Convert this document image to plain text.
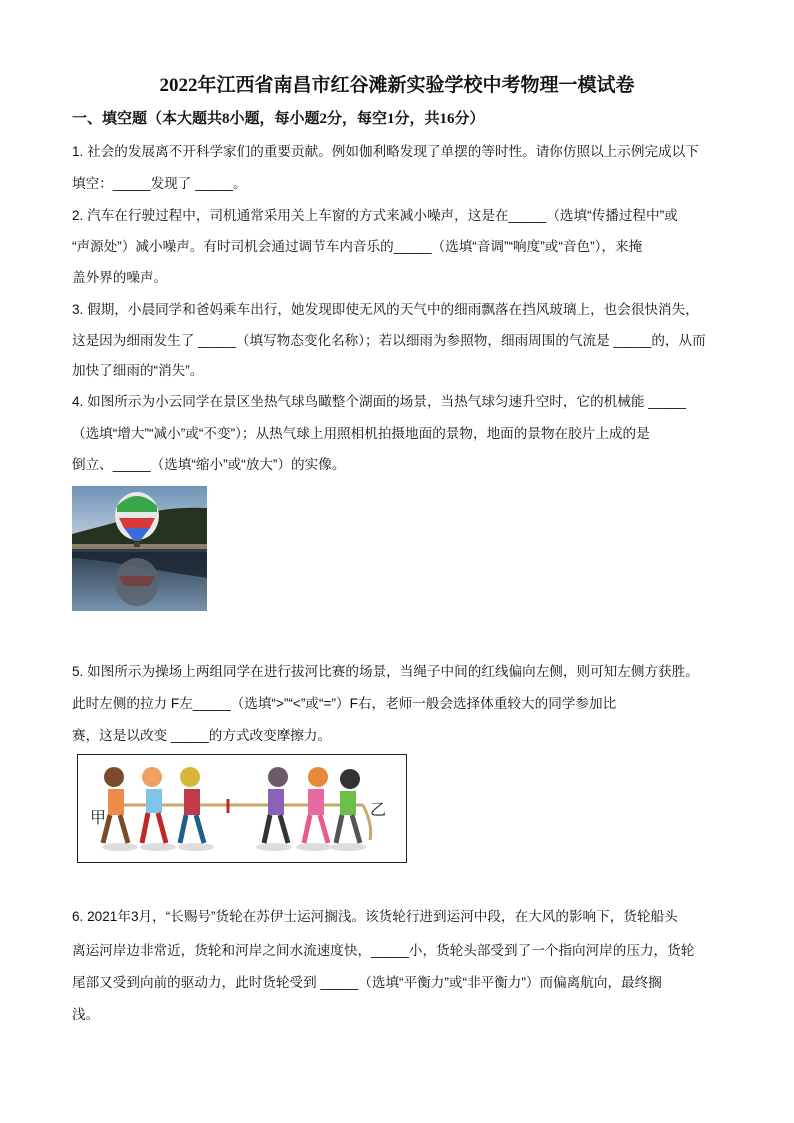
2022年江西省南昌市红谷滩新实验学校中考物理一模试卷
一、填空题（本大题共8小题，每小题2分，每空1分，共16分）
1. 社会的发展离不开科学家们的重要贡献。例如伽利略发现了单摆的等时性。请你仿照以上示例完成以下
填空：_____发现了 _____。
2. 汽车在行驶过程中，司机通常采用关上车窗的方式来减小噪声，这是在_____（选填“传播过程中”或
“声源处”）减小噪声。有时司机会通过调节车内音乐的_____（选填“音调”“响度”或“音色”），来掩
盖外界的噪声。
3. 假期，小晨同学和爸妈乘车出行，她发现即使无风的天气中的细雨飘落在挡风玻璃上，也会很快消失，
这是因为细雨发生了 _____（填写物态变化名称）；若以细雨为参照物，细雨周围的气流是 _____的，从而
加快了细雨的“消失”。
4. 如图所示为小云同学在景区坐热气球鸟瞰整个湖面的场景，当热气球匀速升空时，它的机械能 _____
（选填“增大”“减小”或“不变”）；从热气球上用照相机拍摄地面的景物，地面的景物在胶片上成的是
倒立、_____（选填“缩小”或“放大”）的实像。
5. 如图所示为操场上两组同学在进行拔河比赛的场景，当绳子中间的红线偏向左侧，则可知左侧方获胜。
此时左侧的拉力 F左_____（选填“>”“<”或“=”）F右，老师一般会选择体重较大的同学参加比
赛，这是以改变 _____的方式改变摩擦力。
甲	乙
6. 2021年3月，“长赐号”货轮在苏伊士运河搁浅。该货轮行进到运河中段，在大风的影响下，货轮船头
离运河岸边非常近，货轮和河岸之间水流速度快，_____小，货轮头部受到了一个指向河岸的压力，货轮
尾部又受到向前的驱动力，此时货轮受到 _____（选填“平衡力”或“非平衡力”）而偏离航向，最终搁
浅。
